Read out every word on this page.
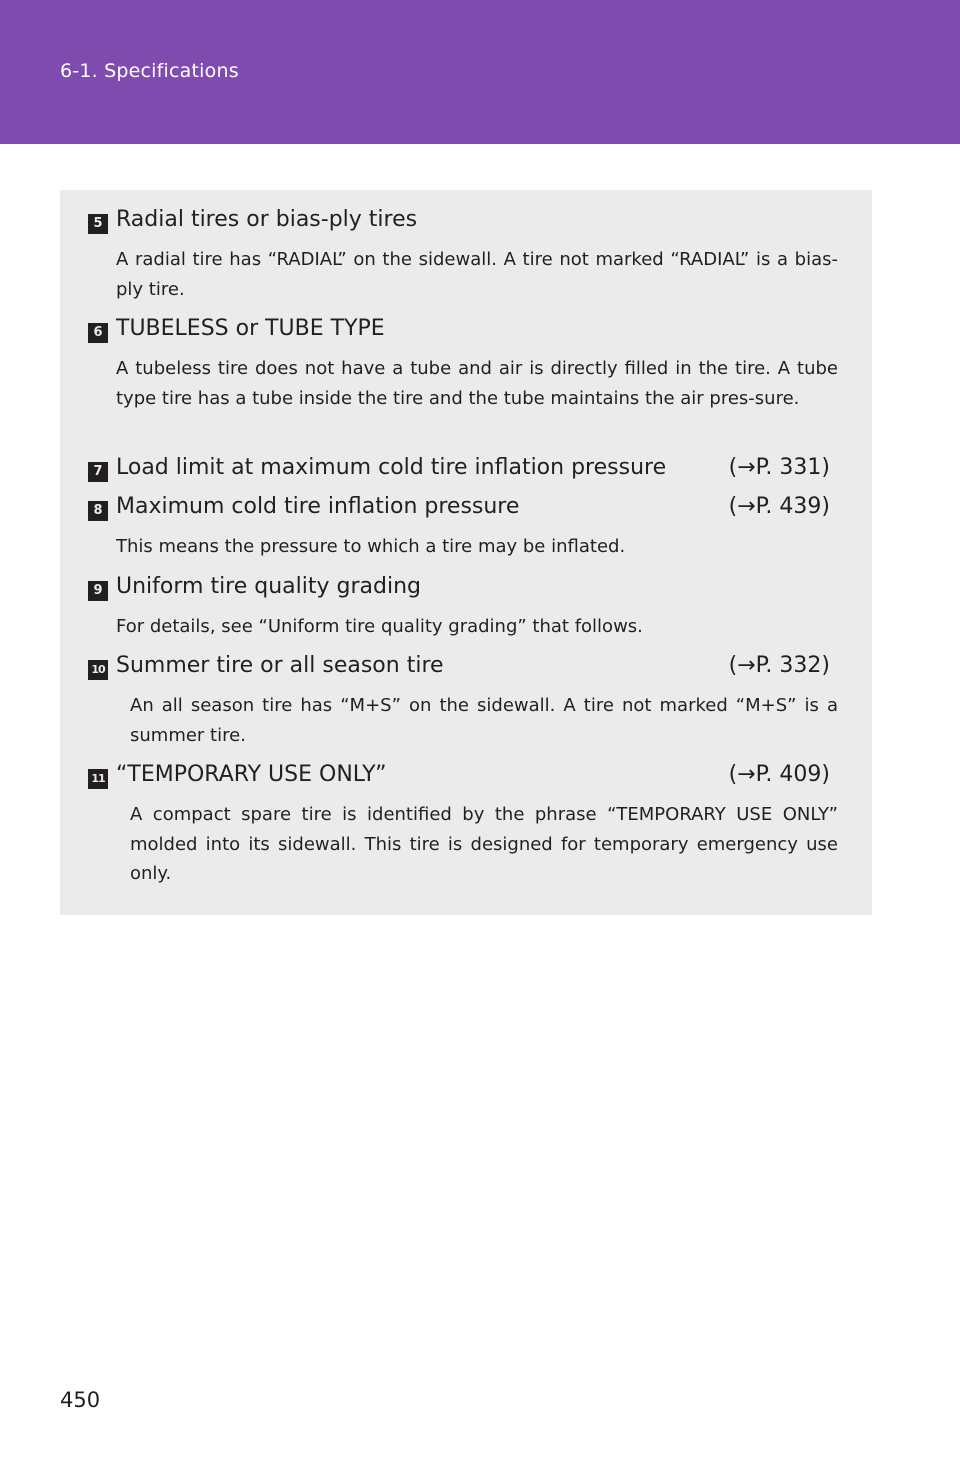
6-1. Specifications
5 Radial tires or bias-ply tires
A radial tire has “RADIAL” on the sidewall. A tire not marked “RADIAL” is a bias-ply tire.
6 TUBELESS or TUBE TYPE
A tubeless tire does not have a tube and air is directly filled in the tire. A tube type tire has a tube inside the tire and the tube maintains the air pres-sure.
7 Load limit at maximum cold tire inflation pressure	(→P. 331)
8 Maximum cold tire inflation pressure	(→P. 439)
This means the pressure to which a tire may be inflated.
9 Uniform tire quality grading
For details, see “Uniform tire quality grading” that follows.
10 Summer tire or all season tire	(→P. 332)
An all season tire has “M+S” on the sidewall. A tire not marked “M+S” is a summer tire.
11 “TEMPORARY USE ONLY”	(→P. 409)
A compact spare tire is identified by the phrase “TEMPORARY USE ONLY” molded into its sidewall. This tire is designed for temporary emergency use only.
450
